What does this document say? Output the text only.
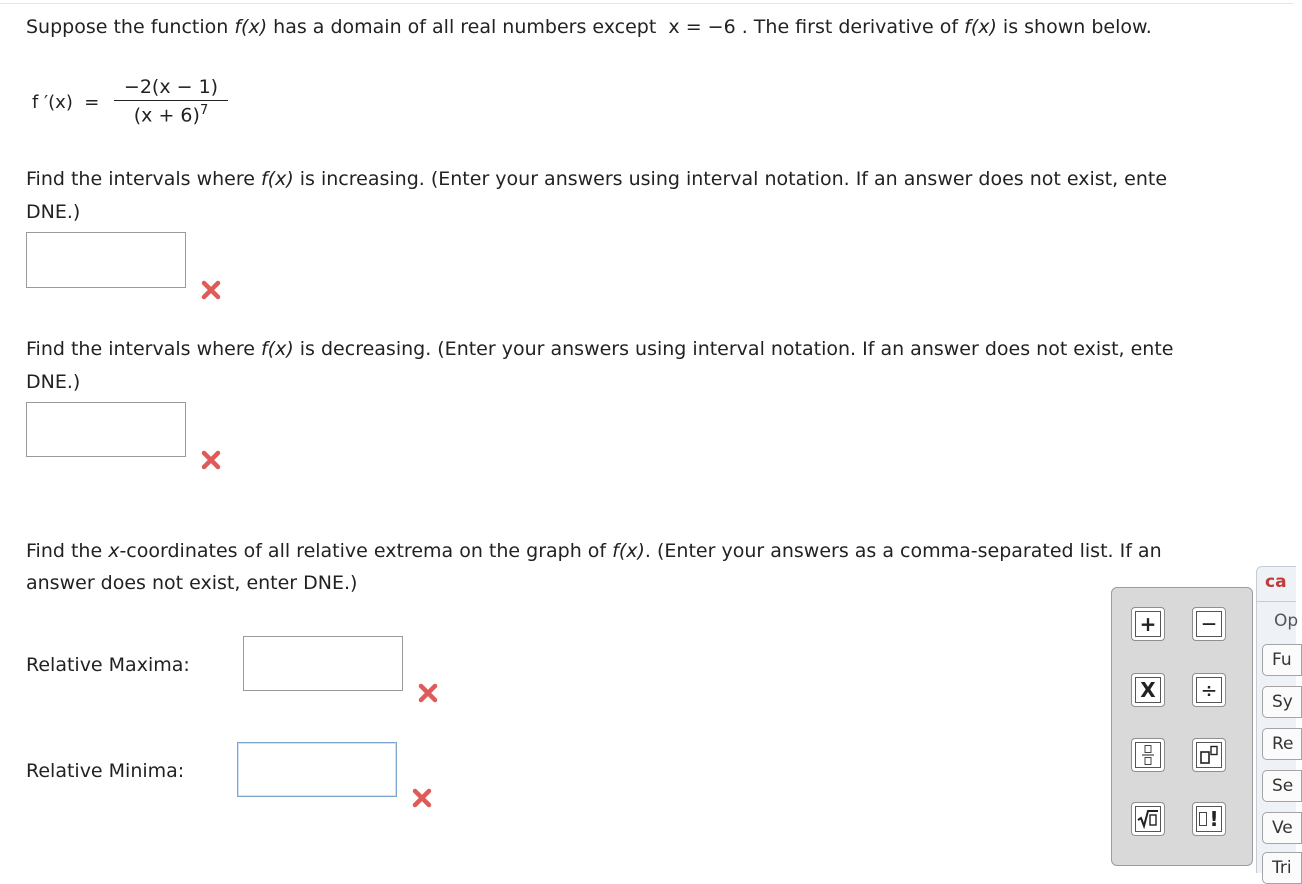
Suppose the function f(x) has a domain of all real numbers except  x = −6 . The first derivative of f(x) is shown below.
f ′(x) =
−2(x − 1)
$(x + 6)^7$
Find the intervals where f(x) is increasing. (Enter your answers using interval notation. If an answer does not exist, ente
DNE.)
Find the intervals where f(x) is decreasing. (Enter your answers using interval notation. If an answer does not exist, ente
DNE.)
Find the x-coordinates of all relative extrema on the graph of f(x). (Enter your answers as a comma-separated list. If an
answer does not exist, enter DNE.)
Relative Maxima:
Relative Minima:
+	—
X ÷
!
ca
Op
Fu
Sy
Re
Se
Ve
Tri
